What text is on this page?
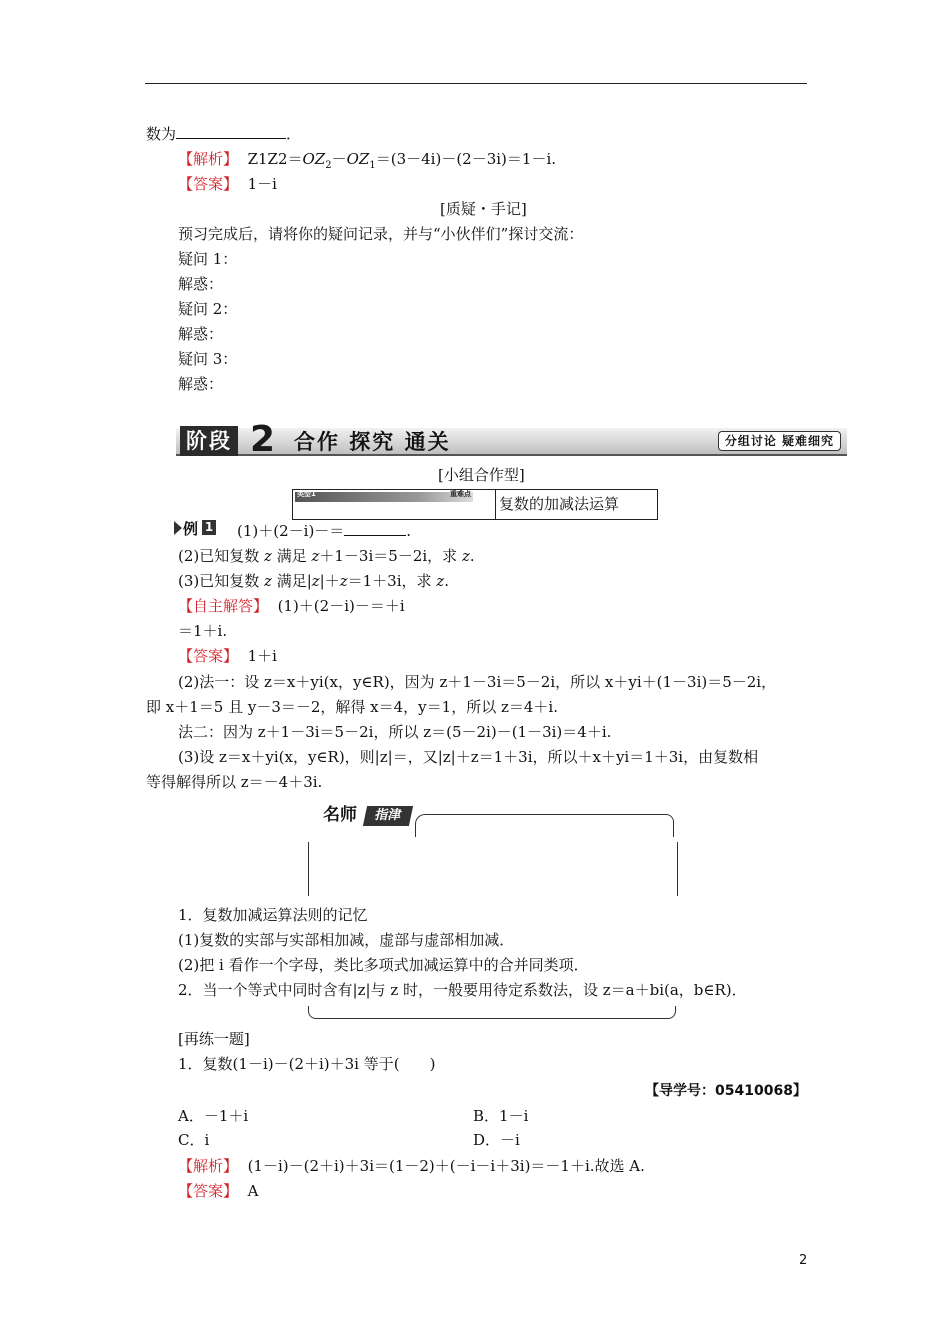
数为	．
【解析】 $Z1Z2=OZ_2-OZ_1=(3-4i)-(2-3i)=1-i$.
【答案】 1－i
[质疑・手记]
预习完成后，请将你的疑问记录，并与“小伙伴们”探讨交流：
疑问 1：
解惑：
疑问 2：
解惑：
疑问 3：
解惑：
阶段 2 合作 探究 通关	分组讨论 疑难细究
[小组合作型]
类型1	重难点
复数的加减法运算
例 1 (1)＋(2－i)－＝	.
(2)已知复数 z 满足 z＋1－3i＝5－2i，求 z.
(3)已知复数 z 满足|z|＋z＝1＋3i，求 z.
【自主解答】 (1)＋(2－i)－＝＋i
＝1＋i.
【答案】 1＋i
(2)法一：设 z＝x＋yi(x，y∈R)，因为 z＋1－3i＝5－2i，所以 x＋yi＋(1－3i)＝5－2i，
即 x＋1＝5 且 y－3＝－2，解得 x＝4，y＝1，所以 z＝4＋i.
法二：因为 z＋1－3i＝5－2i，所以 z＝(5－2i)－(1－3i)＝4＋i.
(3)设 z＝x＋yi(x，y∈R)，则|z|＝，又|z|＋z＝1＋3i，所以＋x＋yi＝1＋3i，由复数相
等得解得所以 z＝－4＋3i.
名师	指津
1．复数加减运算法则的记忆
(1)复数的实部与实部相加减，虚部与虚部相加减．
(2)把 i 看作一个字母，类比多项式加减运算中的合并同类项．
2．当一个等式中同时含有|z|与 z 时，一般要用待定系数法，设 z＝a＋bi(a，b∈R)．
[再练一题]
1．复数(1－i)－(2＋i)＋3i 等于(　　)
【导学号：05410068】
A．－1＋i	B．1－i
C．i	D．－i
【解析】 (1－i)－(2＋i)＋3i＝(1－2)＋(－i－i＋3i)＝－1＋i.故选 A.
【答案】 A
2
